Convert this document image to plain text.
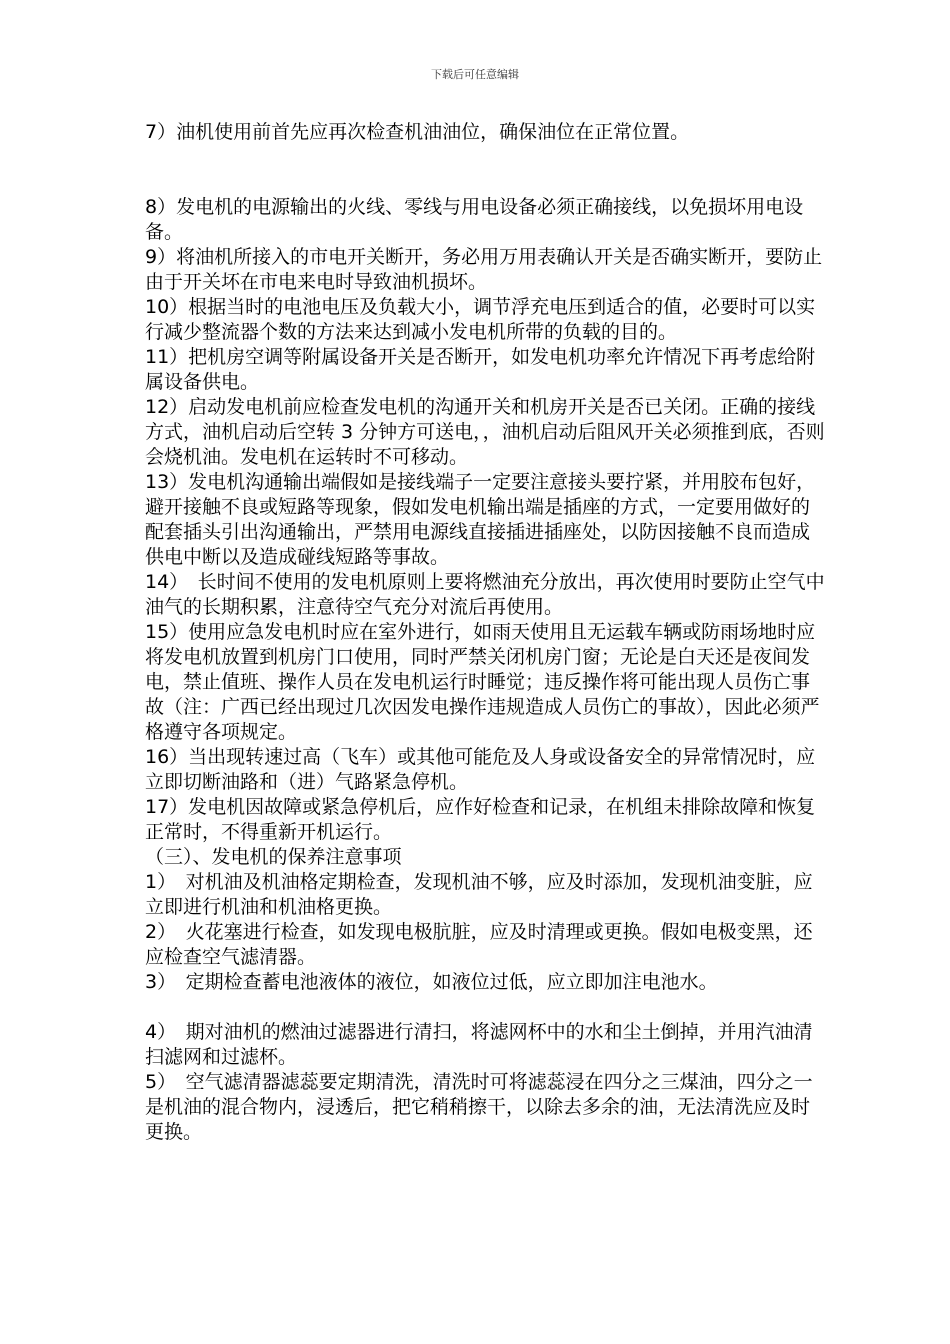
下载后可任意编辑

7）油机使用前首先应再次检查机油油位，确保油位在正常位置。

8）发电机的电源输出的火线、零线与用电设备必须正确接线，以免损坏用电设备。

9）将油机所接入的市电开关断开，务必用万用表确认开关是否确实断开，要防止由于开关坏在市电来电时导致油机损坏。

10）根据当时的电池电压及负载大小，调节浮充电压到适合的值，必要时可以实行减少整流器个数的方法来达到减小发电机所带的负载的目的。

11）把机房空调等附属设备开关是否断开，如发电机功率允许情况下再考虑给附属设备供电。

12）启动发电机前应检查发电机的沟通开关和机房开关是否已关闭。正确的接线方式，油机启动后空转 3 分钟方可送电，，油机启动后阻风开关必须推到底，否则会烧机油。发电机在运转时不可移动。

13）发电机沟通输出端假如是接线端子一定要注意接头要拧紧，并用胶布包好，避开接触不良或短路等现象，假如发电机输出端是插座的方式，一定要用做好的配套插头引出沟通输出，严禁用电源线直接插进插座处，以防因接触不良而造成供电中断以及造成碰线短路等事故。

14）　长时间不使用的发电机原则上要将燃油充分放出，再次使用时要防止空气中油气的长期积累，注意待空气充分对流后再使用。

15）使用应急发电机时应在室外进行，如雨天使用且无运载车辆或防雨场地时应将发电机放置到机房门口使用，同时严禁关闭机房门窗；无论是白天还是夜间发电，禁止值班、操作人员在发电机运行时睡觉；违反操作将可能出现人员伤亡事故（注：广西已经出现过几次因发电操作违规造成人员伤亡的事故），因此必须严格遵守各项规定。

16）当出现转速过高（飞车）或其他可能危及人身或设备安全的异常情况时，应立即切断油路和（进）气路紧急停机。

17）发电机因故障或紧急停机后，应作好检查和记录，在机组未排除故障和恢复正常时，不得重新开机运行。

（三）、发电机的保养注意事项

1）　对机油及机油格定期检查，发现机油不够，应及时添加，发现机油变脏，应立即进行机油和机油格更换。

2）　火花塞进行检查，如发现电极肮脏，应及时清理或更换。假如电极变黑，还应检查空气滤清器。

3）　定期检查蓄电池液体的液位，如液位过低，应立即加注电池水。

4）　期对油机的燃油过滤器进行清扫，将滤网杯中的水和尘土倒掉，并用汽油清扫滤网和过滤杯。

5）　空气滤清器滤蕊要定期清洗，清洗时可将滤蕊浸在四分之三煤油，四分之一是机油的混合物内，浸透后，把它稍稍擦干，以除去多余的油，无法清洗应及时更换。
